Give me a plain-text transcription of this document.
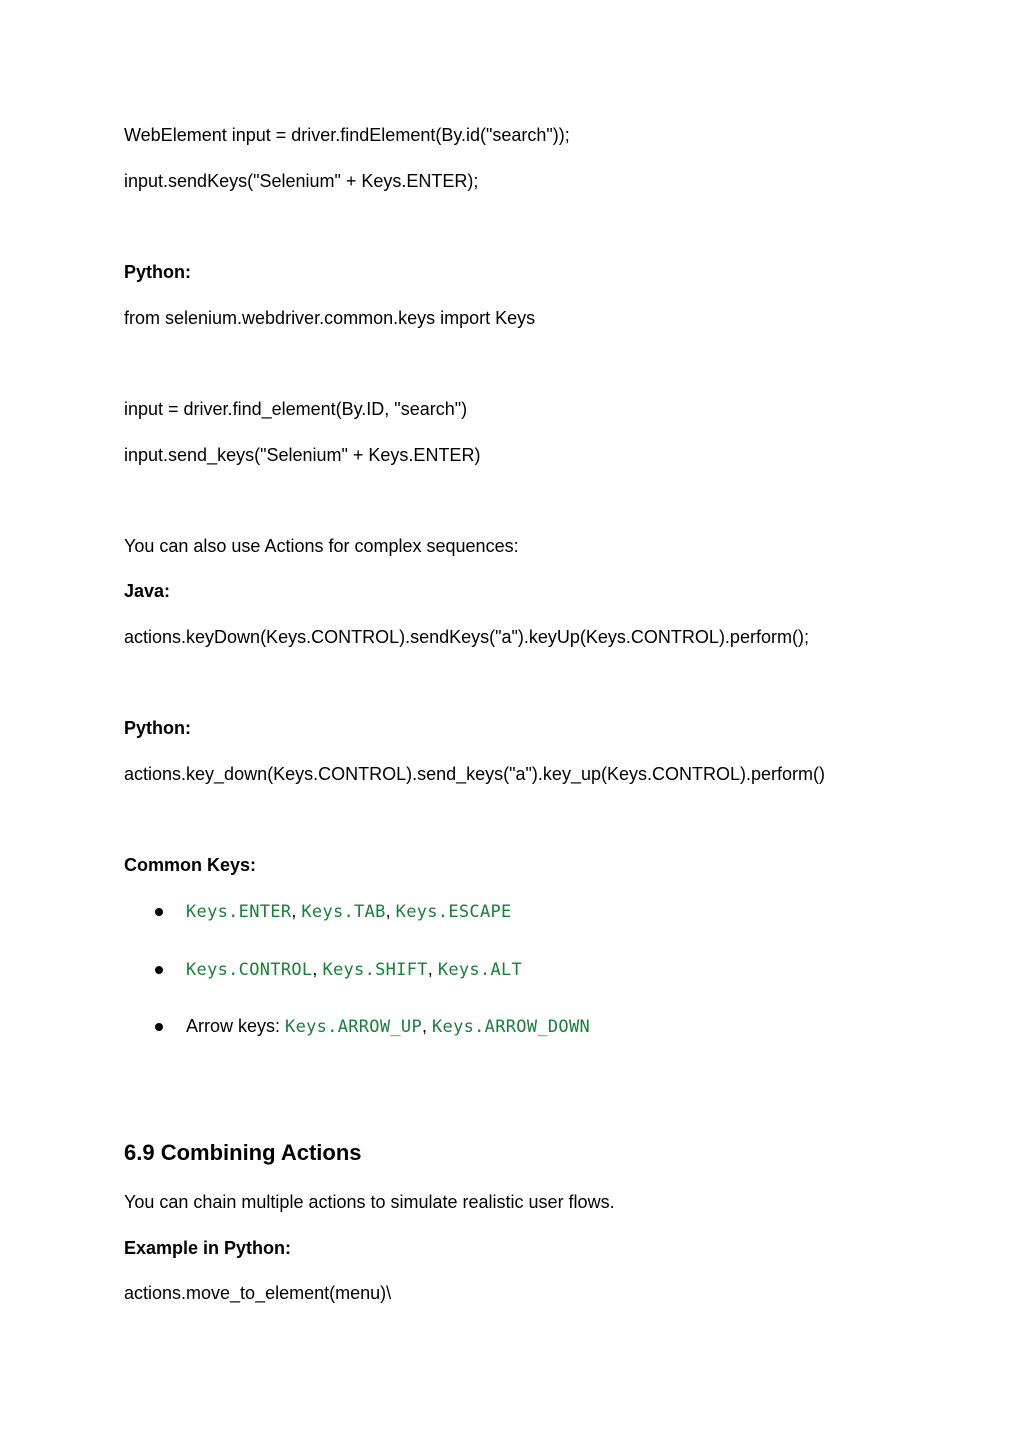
WebElement input = driver.findElement(By.id("search"));
input.sendKeys("Selenium" + Keys.ENTER);
Python:
from selenium.webdriver.common.keys import Keys
input = driver.find_element(By.ID, "search")
input.send_keys("Selenium" + Keys.ENTER)
You can also use Actions for complex sequences:
Java:
actions.keyDown(Keys.CONTROL).sendKeys("a").keyUp(Keys.CONTROL).perform();
Python:
actions.key_down(Keys.CONTROL).send_keys("a").key_up(Keys.CONTROL).perform()
Common Keys:
Keys.ENTER, Keys.TAB, Keys.ESCAPE
Keys.CONTROL, Keys.SHIFT, Keys.ALT
Arrow keys: Keys.ARROW_UP, Keys.ARROW_DOWN
6.9 Combining Actions
You can chain multiple actions to simulate realistic user flows.
Example in Python:
actions.move_to_element(menu)\
